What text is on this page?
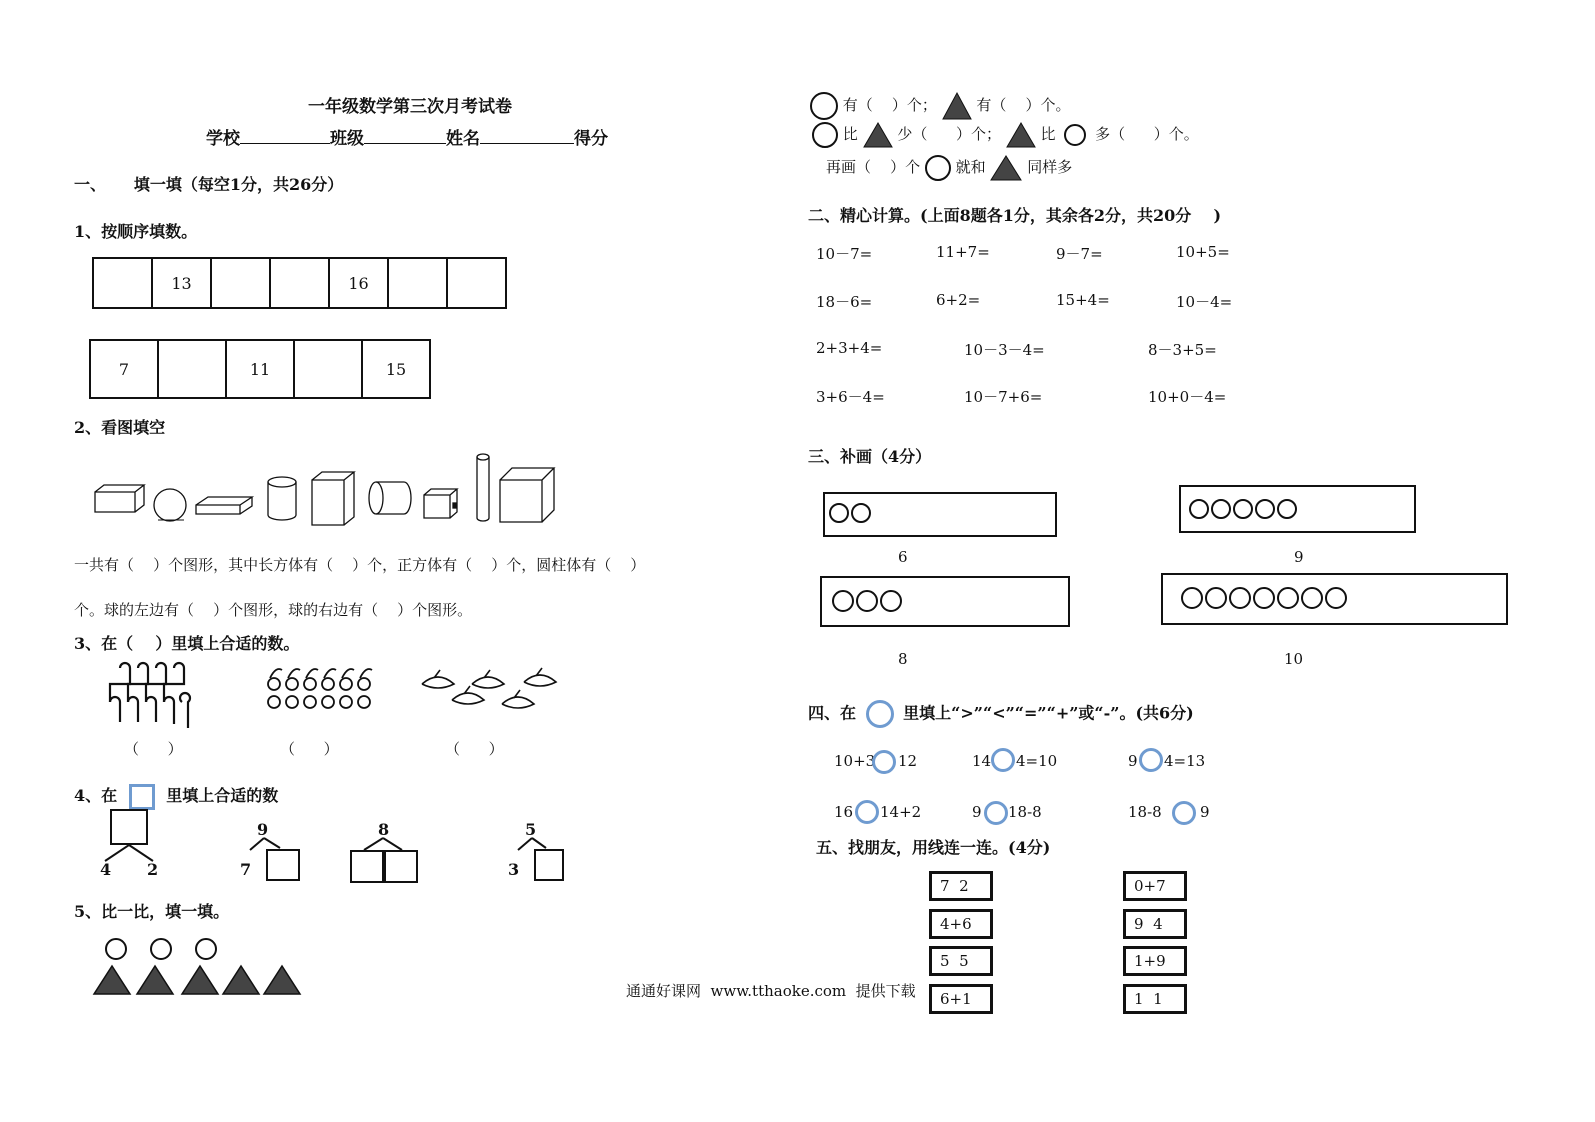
一年级数学第三次月考试卷
学校	班级	姓名	得分
一、     填一填（每空1分，共26分）
1、按顺序填数。
13	16
7	11	15
2、看图填空
一共有（    ）个图形，其中长方体有（    ）个，正方体有（    ）个，圆柱体有（    ）
个。球的左边有（    ）个图形，球的右边有（    ）个图形。
3、在（    ）里填上合适的数。
（      ）	（      ）	（      ）
4、在	里填上合适的数
4 2
9
7
8	5
3
5、比一比，填一填。
有（    ）个；	有（    ）个。
比	少（      ）个；	比	多（      ）个。
再画（    ）个 就和	同样多
二、精心计算。(上面8题各1分，其余各2分，共20分    )
10－7=	11+7=	9－7=	10+5=
18－6=	6+2=	15+4=	10－4=
2+3+4=	10－3－4=	8－3+5=
3+6－4=	10－7+6=	10+0－4=
三、补画（4分）
6	9
8	10
四、在	里填上“>”“<”“=”“+”或“-”。(共6分)
10+3 12	14 4=10	9 4=13
16 14+2	9 18-8	18-8	9
五、找朋友，用线连一连。(4分)
7  2
4+6
5  5
6+1
0+7
9  4
1+9
1  1
通通好课网  www.tthaoke.com  提供下载
